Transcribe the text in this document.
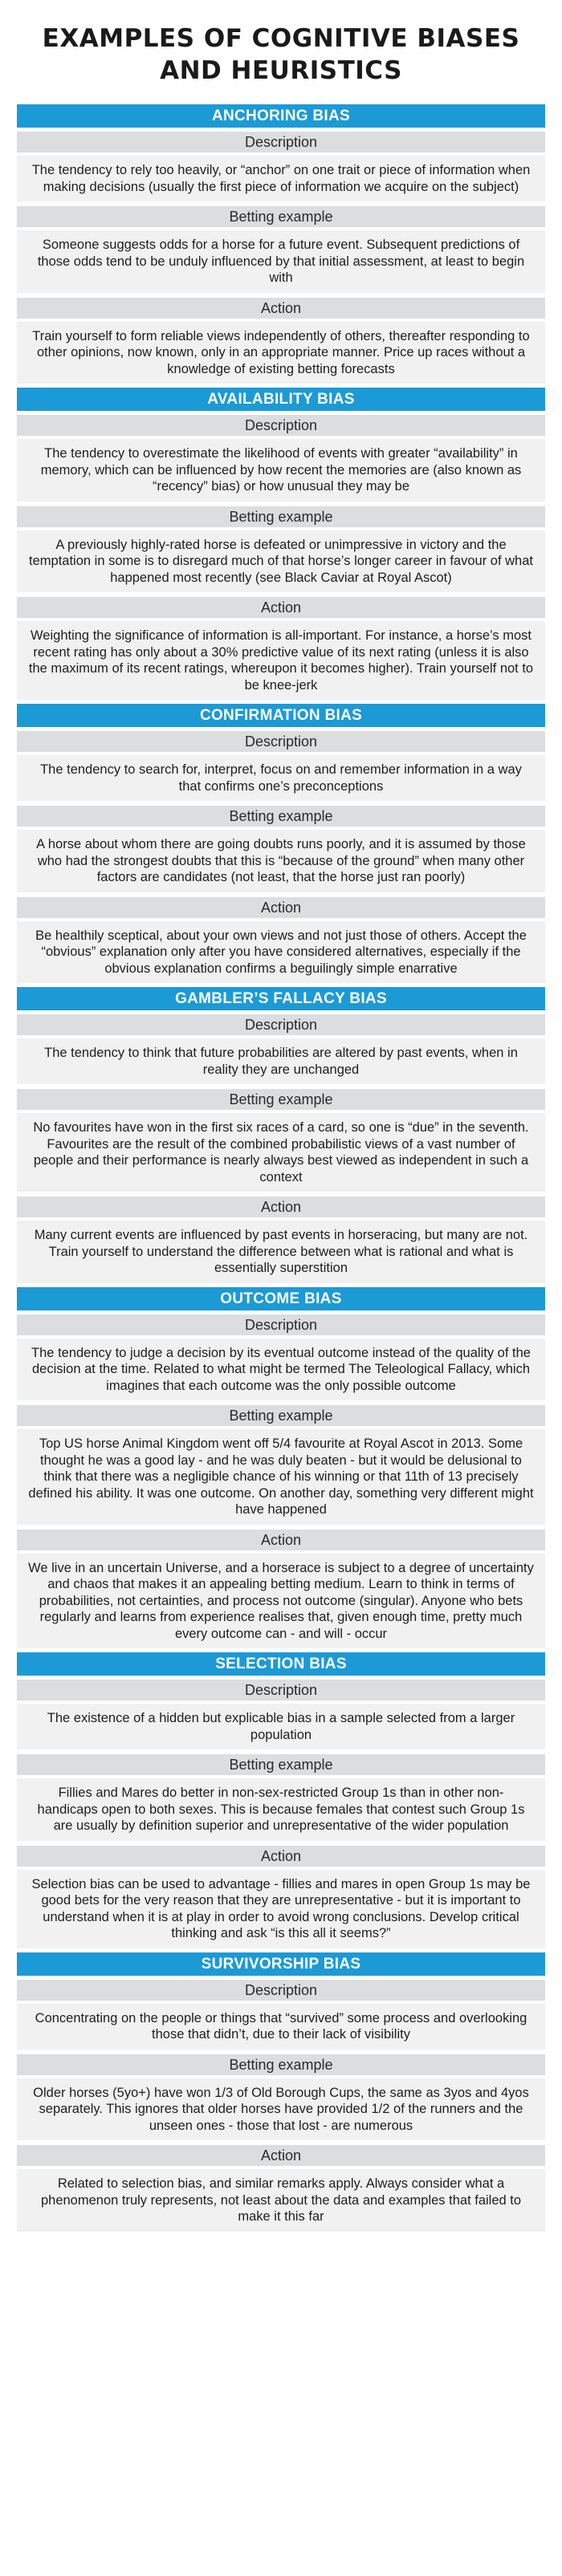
EXAMPLES OF COGNITIVE BIASES
AND HEURISTICS
ANCHORING BIAS
Description
The tendency to rely too heavily, or “anchor” on one trait or piece of information when making decisions (usually the first piece of information we acquire on the subject)
Betting example
Someone suggests odds for a horse for a future event. Subsequent predictions of those odds tend to be unduly influenced by that initial assessment, at least to begin with
Action
Train yourself to form reliable views independently of others, thereafter responding to other opinions, now known, only in an appropriate manner. Price up races without a knowledge of existing betting forecasts
AVAILABILITY BIAS
Description
The tendency to overestimate the likelihood of events with greater “availability” in memory, which can be influenced by how recent the memories are (also known as “recency” bias) or how unusual they may be
Betting example
A previously highly-rated horse is defeated or unimpressive in victory and the temptation in some is to disregard much of that horse’s longer career in favour of what happened most recently (see Black Caviar at Royal Ascot)
Action
Weighting the significance of information is all-important. For instance, a horse’s most recent rating has only about a 30% predictive value of its next rating (unless it is also the maximum of its recent ratings, whereupon it becomes higher). Train yourself not to be knee-jerk
CONFIRMATION BIAS
Description
The tendency to search for, interpret, focus on and remember information in a way that confirms one’s preconceptions
Betting example
A horse about whom there are going doubts runs poorly, and it is assumed by those who had the strongest doubts that this is “because of the ground” when many other factors are candidates (not least, that the horse just ran poorly)
Action
Be healthily sceptical, about your own views and not just those of others. Accept the “obvious” explanation only after you have considered alternatives, especially if the obvious explanation confirms a beguilingly simple enarrative
GAMBLER’S FALLACY BIAS
Description
The tendency to think that future probabilities are altered by past events, when in reality they are unchanged
Betting example
No favourites have won in the first six races of a card, so one is “due” in the seventh. Favourites are the result of the combined probabilistic views of a vast number of people and their performance is nearly always best viewed as independent in such a context
Action
Many current events are influenced by past events in horseracing, but many are not. Train yourself to understand the difference between what is rational and what is essentially superstition
OUTCOME BIAS
Description
The tendency to judge a decision by its eventual outcome instead of the quality of the decision at the time. Related to what might be termed The Teleological Fallacy, which imagines that each outcome was the only possible outcome
Betting example
Top US horse Animal Kingdom went off 5/4 favourite at Royal Ascot in 2013. Some thought he was a good lay - and he was duly beaten - but it would be delusional to think that there was a negligible chance of his winning or that 11th of 13 precisely defined his ability. It was one outcome. On another day, something very different might have happened
Action
We live in an uncertain Universe, and a horserace is subject to a degree of uncertainty and chaos that makes it an appealing betting medium. Learn to think in terms of probabilities, not certainties, and process not outcome (singular). Anyone who bets regularly and learns from experience realises that, given enough time, pretty much every outcome can - and will - occur
SELECTION BIAS
Description
The existence of a hidden but explicable bias in a sample selected from a larger population
Betting example
Fillies and Mares do better in non-sex-restricted Group 1s than in other non-handicaps open to both sexes. This is because females that contest such Group 1s are usually by definition superior and unrepresentative of the wider population
Action
Selection bias can be used to advantage - fillies and mares in open Group 1s may be good bets for the very reason that they are unrepresentative - but it is important to understand when it is at play in order to avoid wrong conclusions. Develop critical thinking and ask “is this all it seems?”
SURVIVORSHIP BIAS
Description
Concentrating on the people or things that “survived” some process and overlooking those that didn’t, due to their lack of visibility
Betting example
Older horses (5yo+) have won 1/3 of Old Borough Cups, the same as 3yos and 4yos separately. This ignores that older horses have provided 1/2 of the runners and the unseen ones - those that lost - are numerous
Action
Related to selection bias, and similar remarks apply. Always consider what a phenomenon truly represents, not least about the data and examples that failed to make it this far
